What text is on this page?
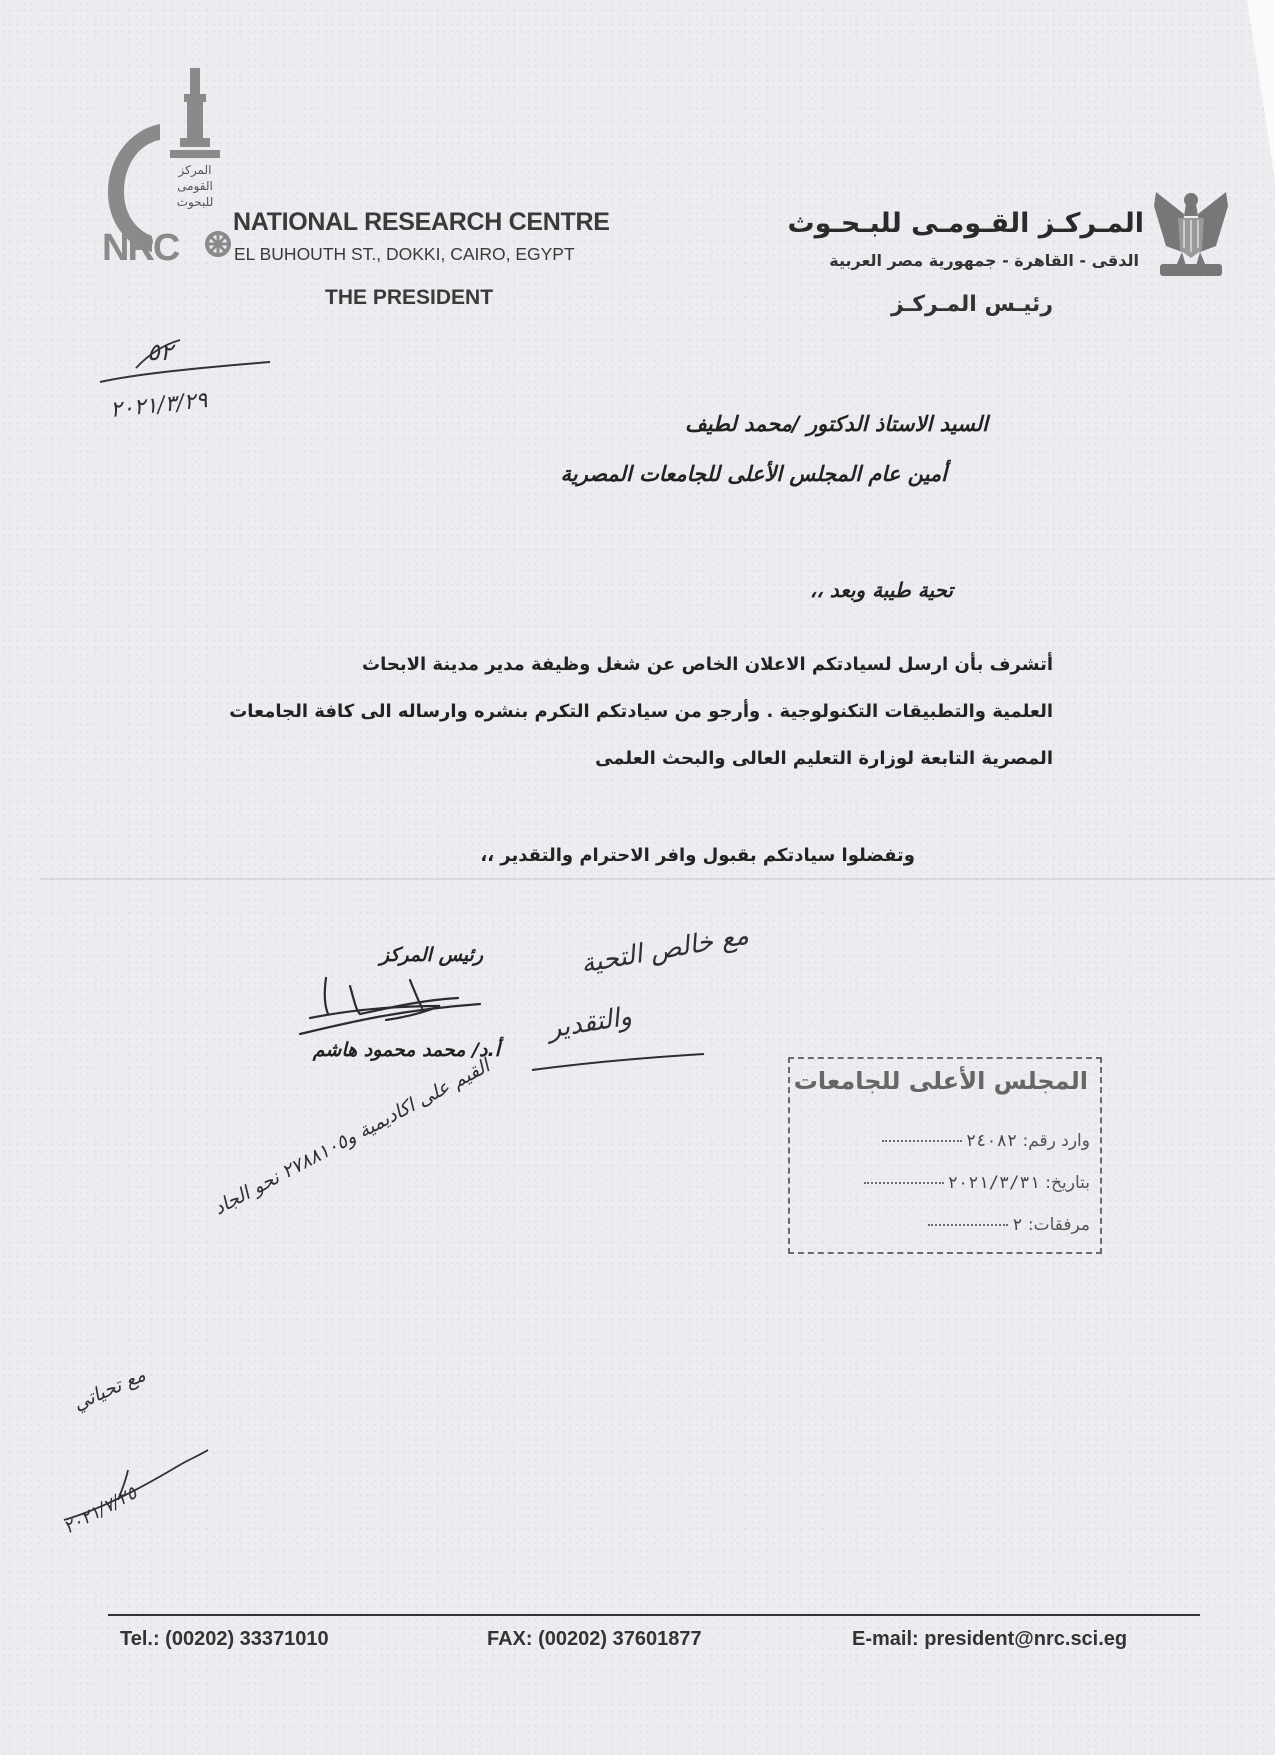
المركز
القومى
للبحوث
NRC
NATIONAL RESEARCH CENTRE
EL BUHOUTH ST., DOKKI, CAIRO, EGYPT
THE PRESIDENT
المـركـز القـومـى للبـحـوث
الدقى - القاهرة - جمهورية مصر العربية
رئيـس المـركـز
٥٢
٢٠٢١/٣/٢٩
السيد الاستاذ الدكتور /محمد لطيف
أمين عام المجلس الأعلى للجامعات المصرية
تحية طيبة وبعد ،،

أتشرف بأن ارسل لسيادتكم الاعلان الخاص عن شغل وظيفة مدير مدينة الابحاث

العلمية والتطبيقات التكنولوجية . وأرجو من سيادتكم التكرم بنشره وارساله الى كافة الجامعات

المصرية التابعة لوزارة التعليم العالى والبحث العلمى

وتفضلوا سيادتكم بقبول وافر الاحترام والتقدير ،،
رئيس المركز
أ.د/ محمد محمود هاشم
مع خالص التحية
والتقدير
المجلس الأعلى للجامعات
وارد رقم: ٢٤٠٨٢
بتاريخ: ٢٠٢١/٣/٣١
مرفقات: ٢
القيم على اكاديمية و٢٧٨٨١٠٥ نحو الجاد
مع تحياتي
٢٠٢١/٧/٢٥
Tel.: (00202) 33371010	FAX: (00202) 37601877	E-mail: president@nrc.sci.eg
